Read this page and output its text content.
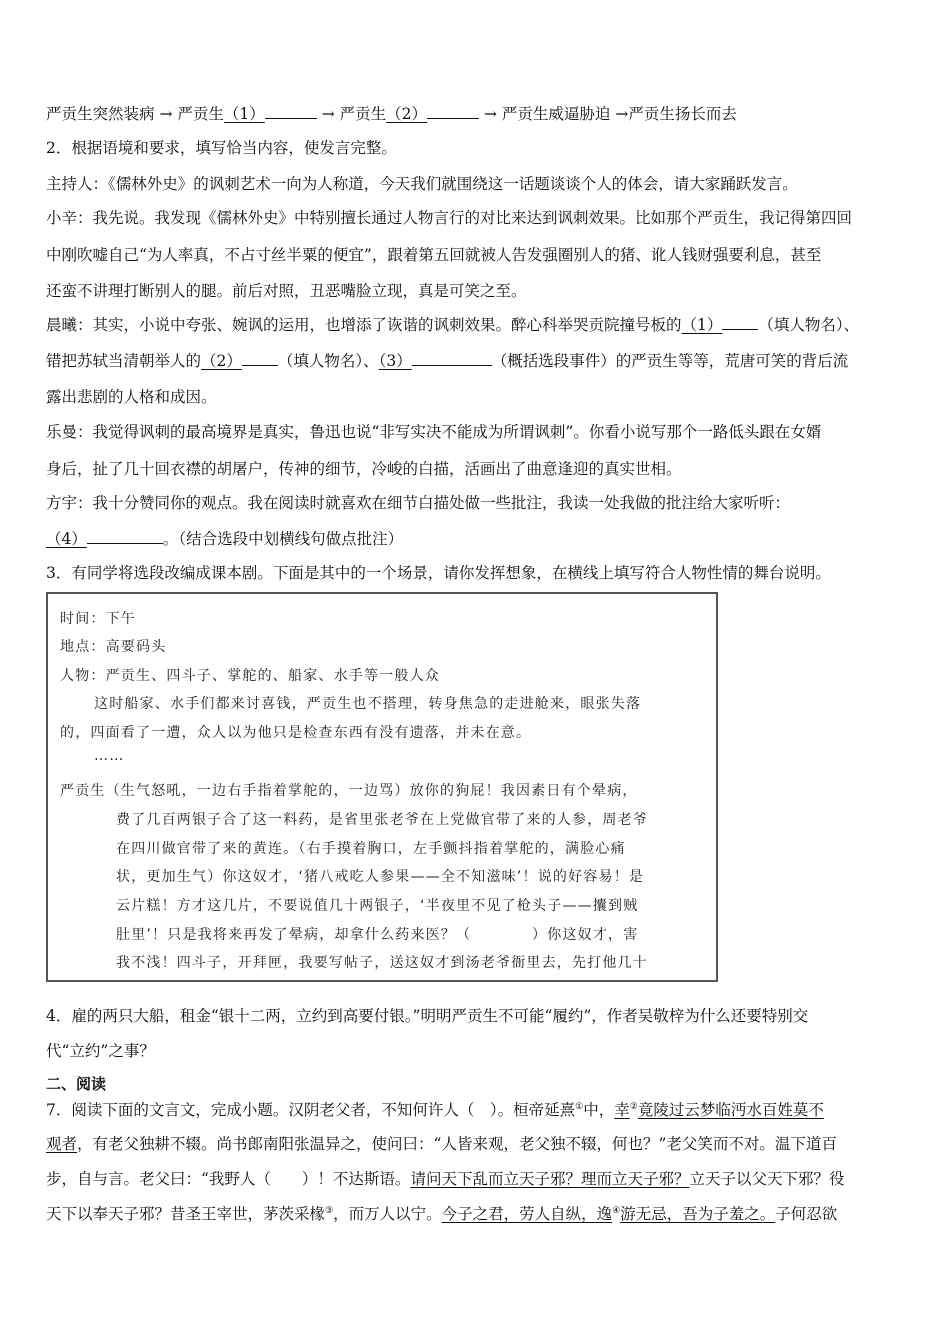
严贡生突然装病 → 严贡生（1）	→ 严贡生（2）	→ 严贡生威逼胁迫 →严贡生扬长而去
2．根据语境和要求，填写恰当内容，使发言完整。
主持人：《儒林外史》的讽刺艺术一向为人称道，今天我们就围绕这一话题谈谈个人的体会，请大家踊跃发言。
小辛：我先说。我发现《儒林外史》中特别擅长通过人物言行的对比来达到讽刺效果。比如那个严贡生，我记得第四回
中刚吹嘘自己“为人率真，不占寸丝半粟的便宜”，跟着第五回就被人告发强圈别人的猪、讹人钱财强要利息，甚至
还蛮不讲理打断别人的腿。前后对照，丑恶嘴脸立现，真是可笑之至。
晨曦：其实，小说中夸张、婉讽的运用，也增添了诙谐的讽刺效果。醉心科举哭贡院撞号板的（1） （填人物名）、
错把苏轼当清朝举人的（2） （填人物名）、（3）	（概括选段事件）的严贡生等等，荒唐可笑的背后流
露出悲剧的人格和成因。
乐曼：我觉得讽刺的最高境界是真实，鲁迅也说“非写实决不能成为所谓讽刺”。你看小说写那个一路低头跟在女婿
身后，扯了几十回衣襟的胡屠户，传神的细节，冷峻的白描，活画出了曲意逢迎的真实世相。
方宇：我十分赞同你的观点。我在阅读时就喜欢在细节白描处做一些批注，我读一处我做的批注给大家听听：
（4）	。（结合选段中划横线句做点批注）
3．有同学将选段改编成课本剧。下面是其中的一个场景，请你发挥想象，在横线上填写符合人物性情的舞台说明。
时间：下午
地点：高要码头
人物：严贡生、四斗子、掌舵的、船家、水手等一般人众
这时船家、水手们都来讨喜钱，严贡生也不搭理，转身焦急的走进舱来，眼张失落
的，四面看了一遭，众人以为他只是检查东西有没有遗落，并未在意。
……
严贡生（生气怒吼，一边右手指着掌舵的，一边骂）放你的狗屁！我因素日有个晕病，
费了几百两银子合了这一料药，是省里张老爷在上党做官带了来的人参，周老爷
在四川做官带了来的黄连。（右手摸着胸口，左手颤抖指着掌舵的，满脸心痛
状，更加生气）你这奴才，‘猪八戒吃人参果——全不知滋味’！说的好容易！是
云片糕！方才这几片，不要说值几十两银子，‘半夜里不见了枪头子——攮到贼
肚里’！只是我将来再发了晕病，却拿什么药来医？（　　　　）你这奴才，害
我不浅！四斗子，开拜匣，我要写帖子，送这奴才到汤老爷衙里去，先打他几十
4．雇的两只大船，租金“银十二两，立约到高要付银。”明明严贡生不可能“履约”，作者吴敬梓为什么还要特别交
代“立约”之事？
二、阅读
7．阅读下面的文言文，完成小题。汉阴老父者，不知何许人（　）。桓帝延熹①中，幸②竟陵过云梦临沔水百姓莫不
观者，有老父独耕不辍。尚书郎南阳张温异之，使问曰：“人皆来观，老父独不辍，何也？”老父笑而不对。温下道百
步，自与言。老父曰：“我野人（　　）！不达斯语。请问天下乱而立天子邪？理而立天子邪？立天子以父天下邪？役
天下以奉天子邪？昔圣王宰世，茅茨采椽③，而万人以宁。今子之君，劳人自纵，逸④游无忌，吾为子羞之。子何忍欲
